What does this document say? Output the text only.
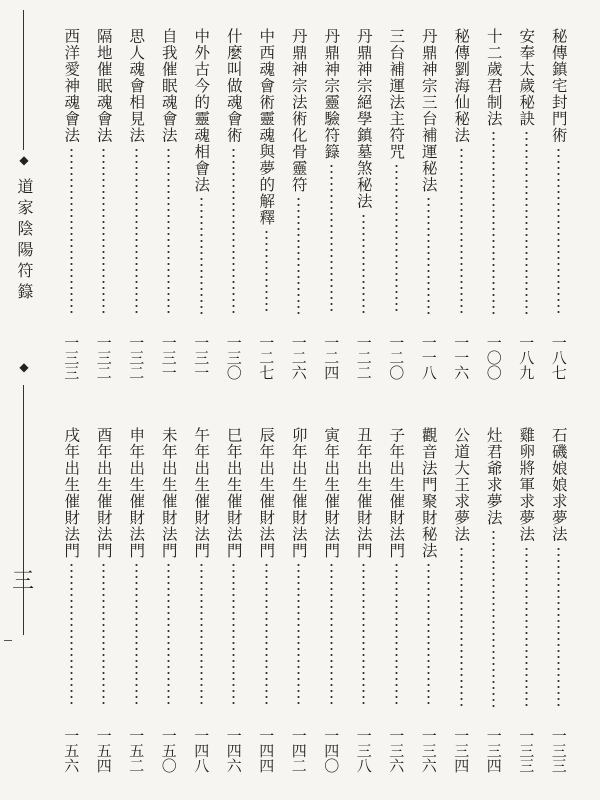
◆
道家陰陽符籙
◆
三
秘傳鎮宅封門術
一八七
安奉太歲秘訣
一八九
十二歲君制法
一〇〇
秘傳劉海仙秘法
一一六
丹鼎神宗三台補運秘法
一一八
三台補運法主符咒
一二〇
丹鼎神宗絕學鎮墓煞秘法
一二二
丹鼎神宗靈驗符籙
一二四
丹鼎神宗法術化骨靈符
一二六
中西魂會術靈魂與夢的解釋
一二七
什麼叫做魂會術
一三〇
中外古今的靈魂相會法
一三一
自我催眠魂會法
一三一
思人魂會相見法
一三二
隔地催眠魂會法
一三二
西洋愛神魂會法
一三三
石磯娘娘求夢法
一三三
雞卵將軍求夢法
一三三
灶君爺求夢法
一三四
公道大王求夢法
一三四
觀音法門聚財秘法
一三六
子年出生催財法門
一三六
丑年出生催財法門
一三八
寅年出生催財法門
一四〇
卯年出生催財法門
一四二
辰年出生催財法門
一四四
巳年出生催財法門
一四六
午年出生催財法門
一四八
未年出生催財法門
一五〇
申年出生催財法門
一五二
酉年出生催財法門
一五四
戌年出生催財法門
一五六
